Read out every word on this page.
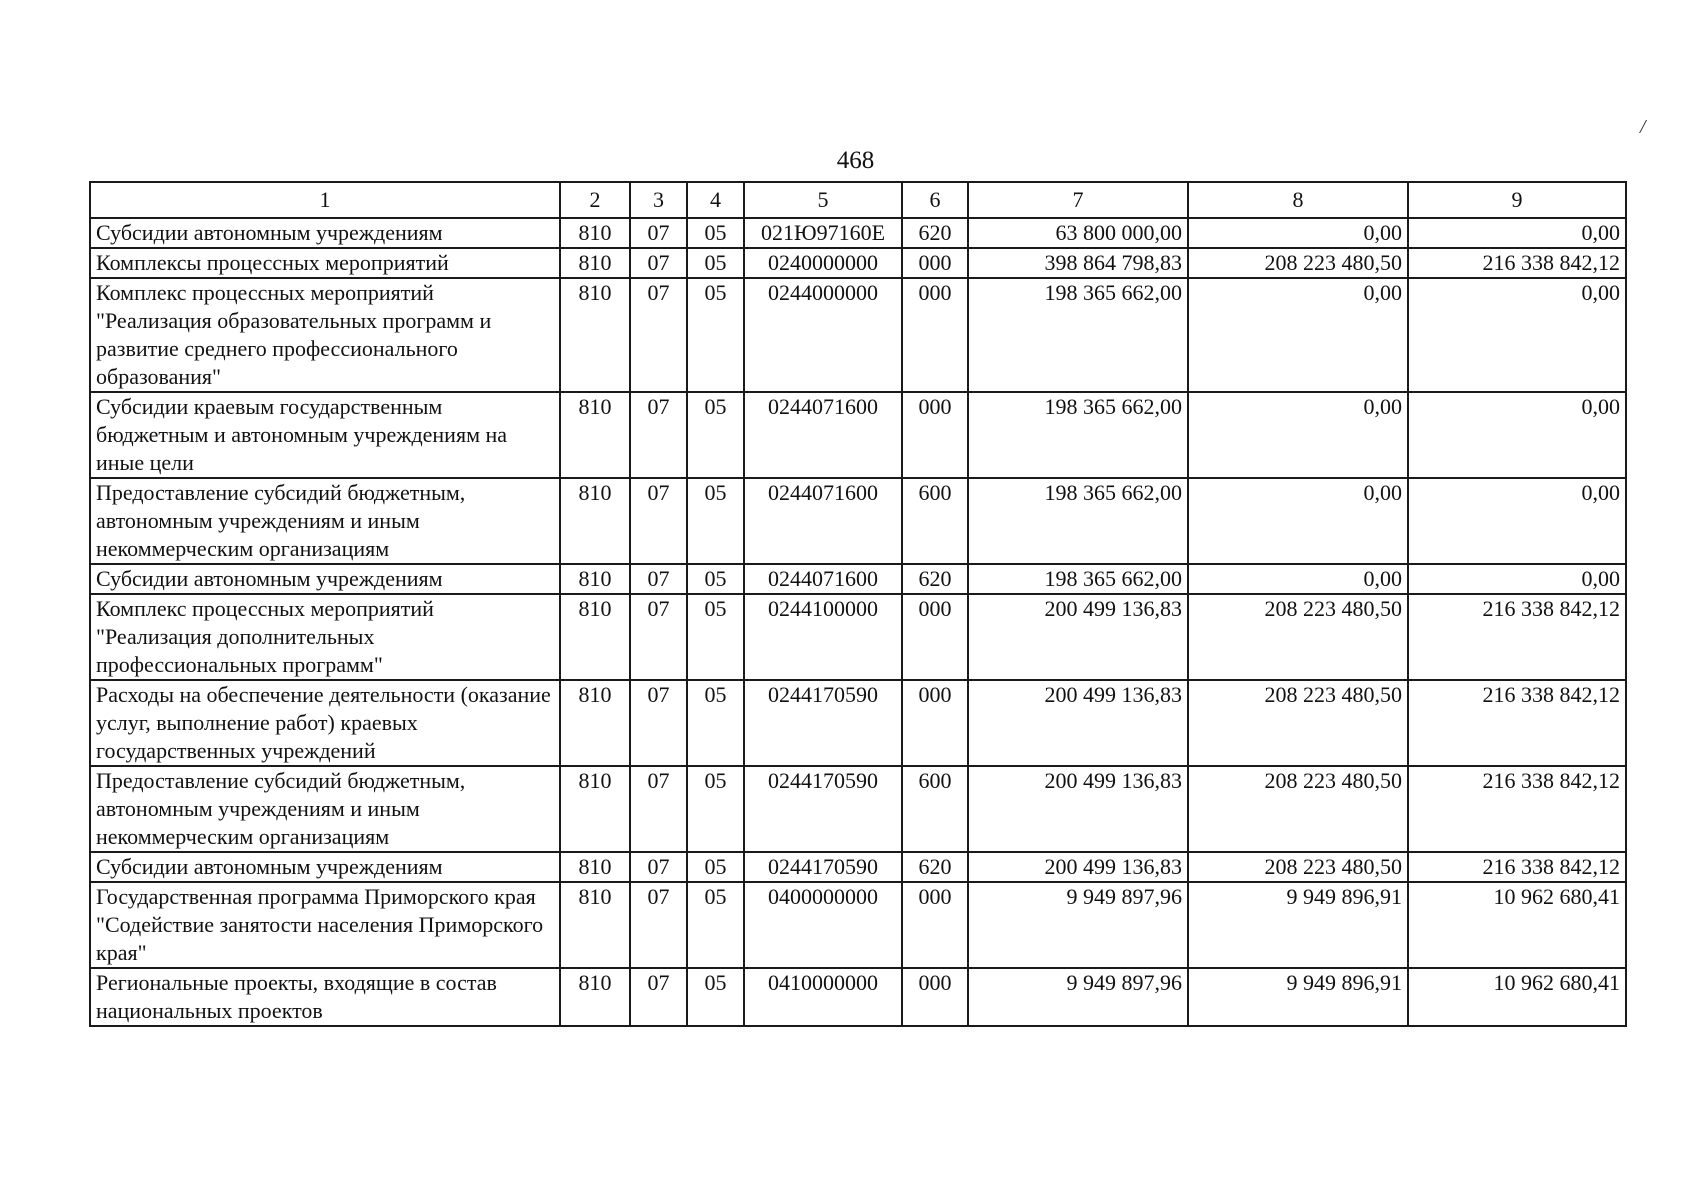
468
/
1	2	3	4	5	6	7	8	9
Субсидии автономным учреждениям	810	07	05	021Ю97160Е	620	63 800 000,00	0,00	0,00
Комплексы процессных мероприятий	810	07	05	0240000000	000	398 864 798,83	208 223 480,50	216 338 842,12
Комплекс процессных мероприятий "Реализация образовательных программ и развитие среднего профессионального образования"	810	07	05	0244000000	000	198 365 662,00	0,00	0,00
Субсидии краевым государственным бюджетным и автономным учреждениям на иные цели	810	07	05	0244071600	000	198 365 662,00	0,00	0,00
Предоставление субсидий бюджетным, автономным учреждениям и иным некоммерческим организациям	810	07	05	0244071600	600	198 365 662,00	0,00	0,00
Субсидии автономным учреждениям	810	07	05	0244071600	620	198 365 662,00	0,00	0,00
Комплекс процессных мероприятий "Реализация дополнительных профессиональных программ"	810	07	05	0244100000	000	200 499 136,83	208 223 480,50	216 338 842,12
Расходы на обеспечение деятельности (оказание услуг, выполнение работ) краевых государственных учреждений	810	07	05	0244170590	000	200 499 136,83	208 223 480,50	216 338 842,12
Предоставление субсидий бюджетным, автономным учреждениям и иным некоммерческим организациям	810	07	05	0244170590	600	200 499 136,83	208 223 480,50	216 338 842,12
Субсидии автономным учреждениям	810	07	05	0244170590	620	200 499 136,83	208 223 480,50	216 338 842,12
Государственная программа Приморского края "Содействие занятости населения Приморского края"	810	07	05	0400000000	000	9 949 897,96	9 949 896,91	10 962 680,41
Региональные проекты, входящие в состав национальных проектов	810	07	05	0410000000	000	9 949 897,96	9 949 896,91	10 962 680,41
